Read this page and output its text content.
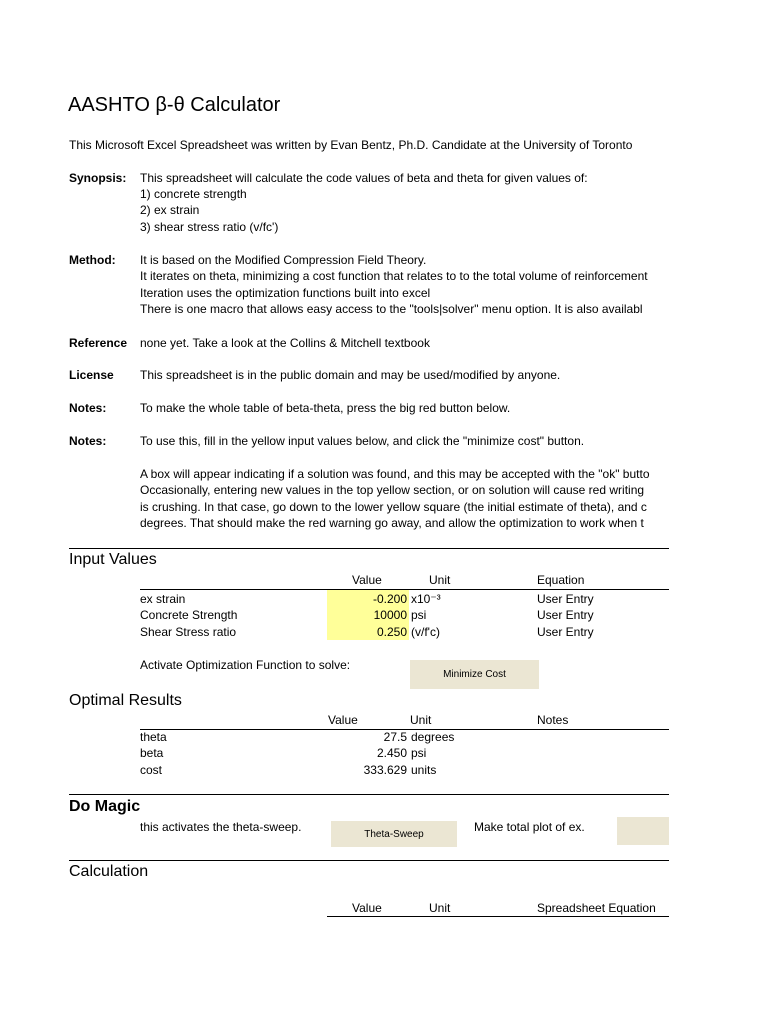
AASHTO β-θ Calculator
This Microsoft Excel Spreadsheet was written by Evan Bentz, Ph.D. Candidate at the University of Toronto
Synopsis: This spreadsheet will calculate the code values of beta and theta for given values of:
1) concrete strength
2) ex strain
3) shear stress ratio (v/fc')
Method: It is based on the Modified Compression Field Theory.
It iterates on theta, minimizing a cost function that relates to to the total volume of reinforcement
Iteration uses the optimization functions built into excel
There is one macro that allows easy access to the "tools|solver" menu option. It is also availabl
Reference none yet. Take a look at the Collins & Mitchell textbook
License This spreadsheet is in the public domain and may be used/modified by anyone.
Notes:	To make the whole table of beta-theta, press the big red button below.
Notes:	To use this, fill in the yellow input values below, and click the "minimize cost" button.
A box will appear indicating if a solution was found, and this may be accepted with the "ok" butto
Occasionally, entering new values in the top yellow section, or on solution will cause red writing
is crushing. In that case, go down to the lower yellow square (the initial estimate of theta), and c
degrees. That should make the red warning go away, and allow the optimization to work when t
Input Values
Value	Unit	Equation
ex strain	-0.200 x10⁻³	User Entry
Concrete Strength	10000 psi	User Entry
Shear Stress ratio	0.250 (v/f'c)	User Entry
Activate Optimization Function to solve:
Minimize Cost
Optimal Results
Value	Unit	Notes
theta	27.5 degrees
beta	2.450 psi
cost	333.629 units
Do Magic
this activates the theta-sweep.	Theta-Sweep	Make total plot of ex.
Calculation
Value	Unit	Spreadsheet Equation
